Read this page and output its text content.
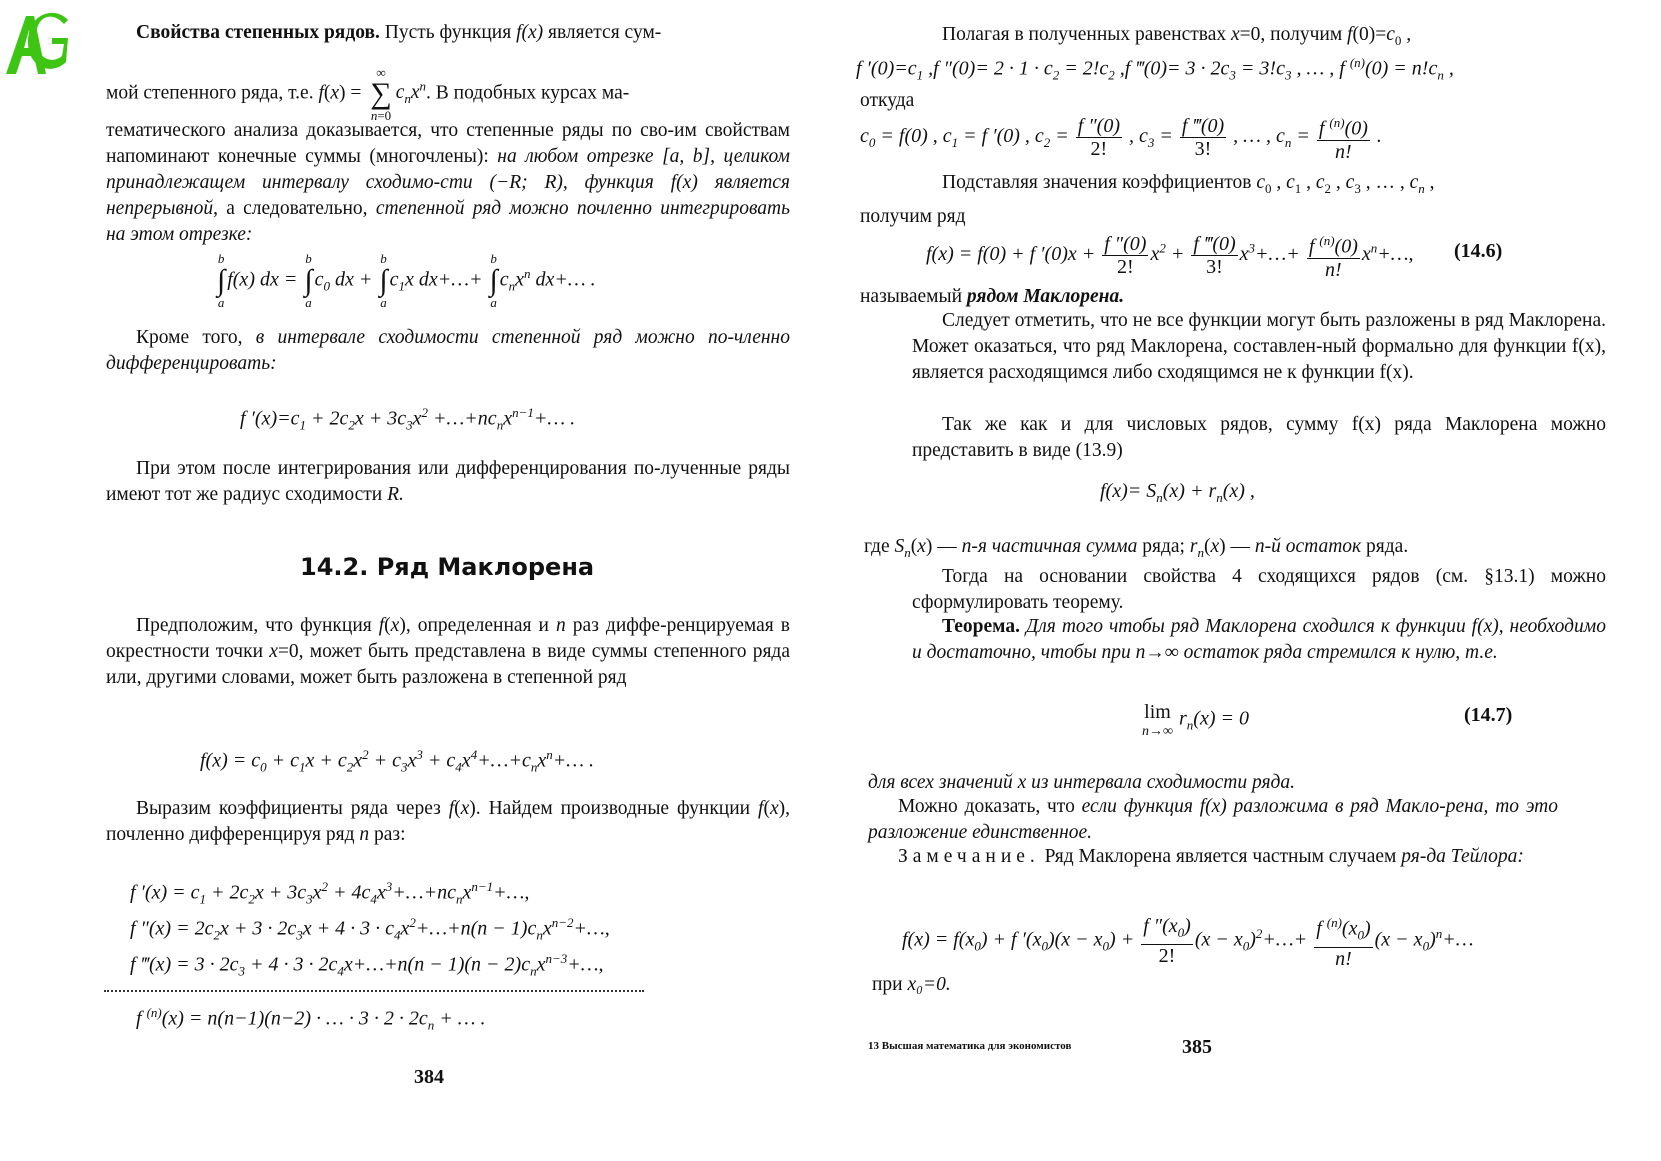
Свойства степенных рядов. Пусть функция f(x) является сум-
мой степенного ряда, т.е. f(x) = ∞
∑
$n=0c_nx^n$. В подобных курсах ма-
тематического анализа доказывается, что степенные ряды по сво-им свойствам напоминают конечные суммы (многочлены): на любом отрезке [a, b], целиком принадлежащем интервалу сходимо-сти (−R; R), функция f(x) является непрерывной, а следовательно, степенной ряд можно почленно интегрировать на этом отрезке:
b
∫
af(x) dx = b
∫
$ac_0$ dx + b
∫
$ac_1x$ dx+…+ b
∫
$ac_nx^n$ dx+… .
Кроме того, в интервале сходимости степенной ряд можно по-членно дифференцировать:
f $'(x)=c_1 + 2c_2x + 3c_3x^2$ $+\dots+nc_nx^{n-1}+\dots$ .
При этом после интегрирования или дифференцирования по-лученные ряды имеют тот же радиус сходимости R.
14.2. Ряд Маклорена
Предположим, что функция f(x), определенная и n раз диффе-ренцируемая в окрестности точки x=0, может быть представлена в виде суммы степенного ряда или, другими словами, может быть разложена в степенной ряд
$f(x) = c_0 + c_1x + c_2x^2 + c_3x^3$ + $c_4x^4+\dots+c_nx^n+\dots$ .
Выразим коэффициенты ряда через f(x). Найдем производные функции f(x), почленно дифференцируя ряд n раз:
f $'(x) = c_1 + 2c_2x + 3c_3x^2$ + $4c_4x^3+\dots+nc_nx^{n-1}+\dots$,
f $''(x) = 2c_2x + 3 \cdot 2c_3x + 4 \cdot 3$ · $c_4x^2+\dots+n(n$ − $1)c_nx^{n-2}+\dots$,
f ‴(x) = $3 \cdot 2c_3 + 4 \cdot 3$ · $2c_4x+\dots+n(n - 1)(n$ − $2)c_nx^{n-3}+\dots$,
f $^{(n)}$(x) = n(n−1)(n−2) · … · $3 \cdot 2 \cdot 2c_n$ + … .
384
Полагая в полученных равенствах x=0, получим $f(0)=c_0$ ,
f $'(0)=c_1$ ,f $''(0)= 2 \cdot 1 \cdot c_2 = 2!c_2$ ,f ‴(0)= $3 \cdot 2c_3 = 3!c_3$ , … , f $^{(n)}(0) = n!c_n$ ,
откуда
$c_0 = f(0)$ , $c_1 = f$ ′(0) , $c_2 = \frac{f ''(0)}{2!}$ , $c_3 = \frac{f ‴(0)}{3!}$ , … , $c_n = \frac{f ^{(n)}(0)}{n!}$ .
Подставляя значения коэффициентов $c_0$ , $c_1$ , $c_2$ , $c_3$ , … , $c_n$ ,
получим ряд
f(x) = f(0) + f $'(0)x + \frac{f ''(0)}{2!} x^2 + \frac{f ‴(0)}{3!}$ $x^3+\dots+ \frac{f ^{(n)}(0)}{n!}$ $x^n+\dots$, (14.6)
называемый рядом Маклорена.
Следует отметить, что не все функции могут быть разложены в ряд Маклорена. Может оказаться, что ряд Маклорена, составлен-ный формально для функции f(x), является расходящимся либо сходящимся не к функции f(x).
Так же как и для числовых рядов, сумму f(x) ряда Маклорена можно представить в виде (13.9)
$f(x)= S_n(x) + r_n(x)$ ,
где $S_n(x)$ — n-я частичная сумма ряда; $r_n(x)$ — n-й остаток ряда.
Тогда на основании свойства 4 сходящихся рядов (см. §13.1) можно сформулировать теорему.
Теорема. Для того чтобы ряд Маклорена сходился к функции f(x), необходимо и достаточно, чтобы при n→∞ остаток ряда стремился к нулю, т.е.
lim
$n\to\infty r_n(x) = 0$	(14.7)
для всех значений x из интервала сходимости ряда.
Можно доказать, что если функция f(x) разложима в ряд Макло-рена, то это разложение единственное.
Замечание. Ряд Маклорена является частным случаем ря-да Тейлора:
$f(x) = f(x_0) + f$ $'(x_0)(x - x_0) + \frac{f ''(x_0)}{2!} (x$ − $x_0)^2+\dots+ \frac{f ^{(n)}(x_0)}{n!} (x$ − $x_0)^n+\dots$
при x₀=0.
13 Высшая математика для экономистов	385
